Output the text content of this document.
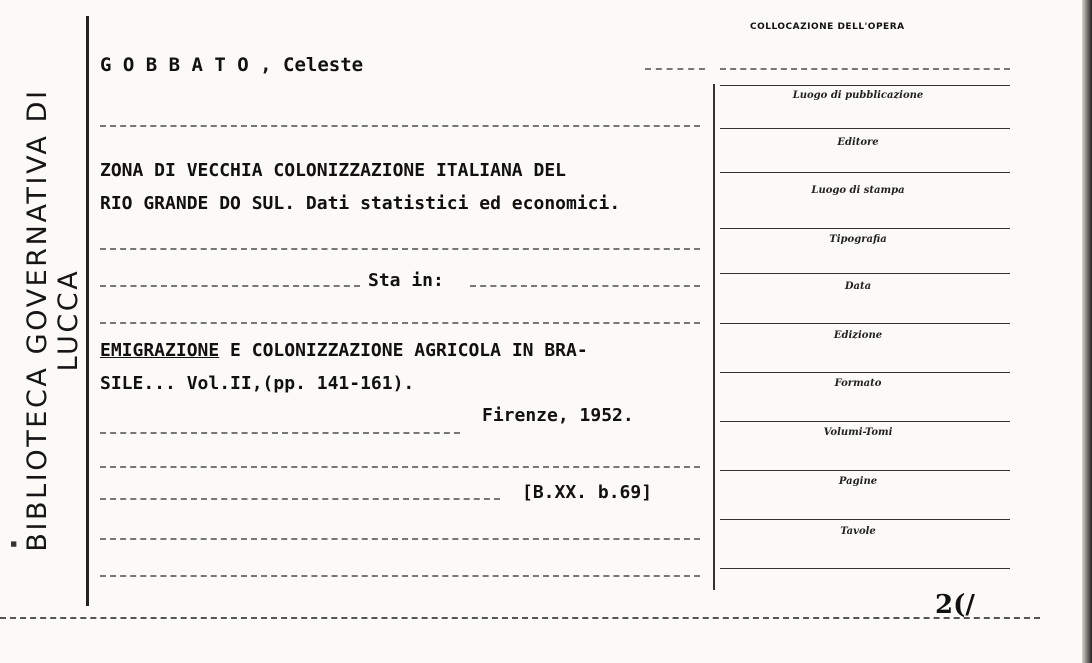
BIBLIOTECA GOVERNATIVA DI LUCCA
■
G O B B A T O , Celeste
ZONA DI VECCHIA COLONIZZAZIONE ITALIANA DEL
RIO GRANDE DO SUL. Dati statistici ed economici.
Sta in:
EMIGRAZIONE E COLONIZZAZIONE AGRICOLA IN BRA-
SILE... Vol.II,(pp. 141-161).
Firenze, 1952.
[B.XX. b.69]
COLLOCAZIONE DELL'OPERA
Luogo di pubblicazione
Editore
Luogo di stampa
Tipografia
Data
Edizione
Formato
Volumi-Tomi
Pagine
Tavole
2(/
